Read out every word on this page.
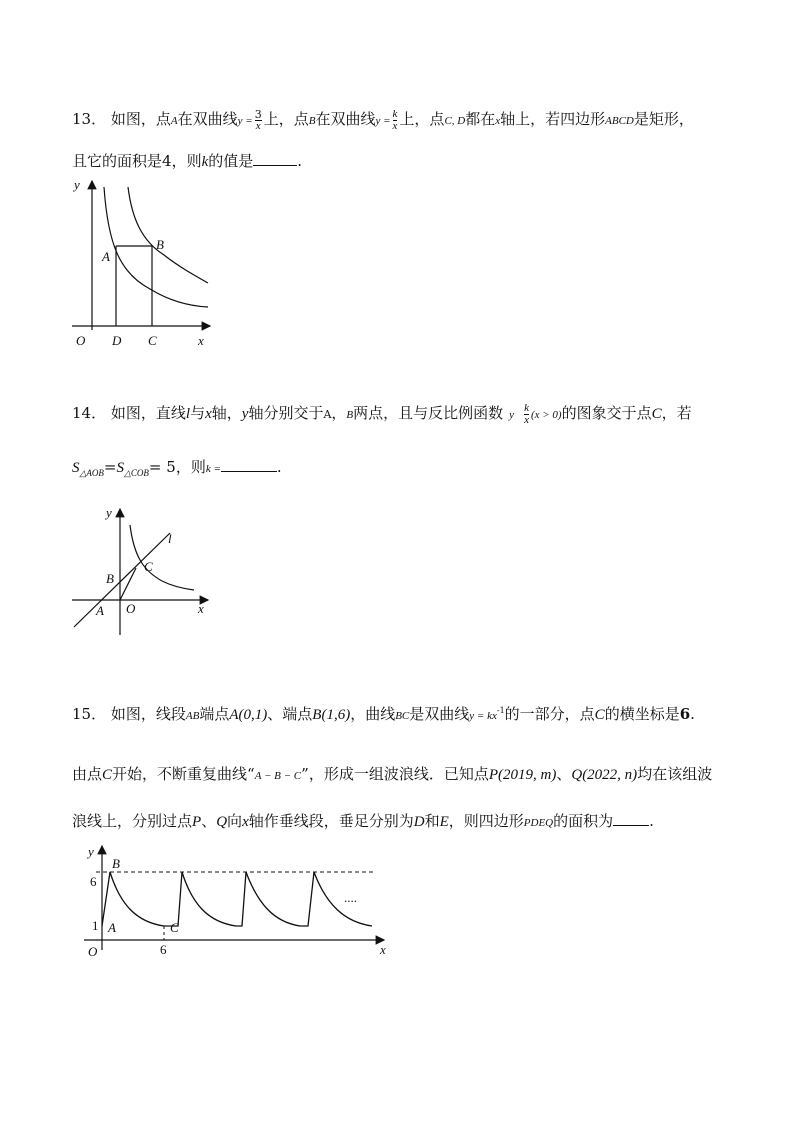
13． 如图，点A在双曲线$y = \frac{3}{x}$ 上，点B在双曲线$y = \frac{k}{x}$ 上，点C, D都在x轴上，若四边形ABCD是矩形，
且它的面积是4，则k的值是	.
y
x
O
A
B
D C
14． 如图，直线l与x轴，y轴分别交于A，B两点，且与反比例函数 y $\frac{k}{x} (x > 0)$的图象交于点C，若
$S_{\triangle AOB}=S_{\triangle COB}= 5$，则k =	.
y
x
O
A
B
C
l
15． 如图，线段AB端点A(0,1)、端点B(1,6)，曲线BC是双曲线$y = kx^{-1}$的一部分，点C的横坐标是6.
由点C开始，不断重复曲线“A − B − C”，形成一组波浪线．已知点P(2019, m)、Q(2022, n)均在该组波
浪线上，分别过点P、Q向x轴作垂线段，垂足分别为D和E，则四边形PDEQ的面积为 .
6
1
y
x
O
A
B
C
6
....
